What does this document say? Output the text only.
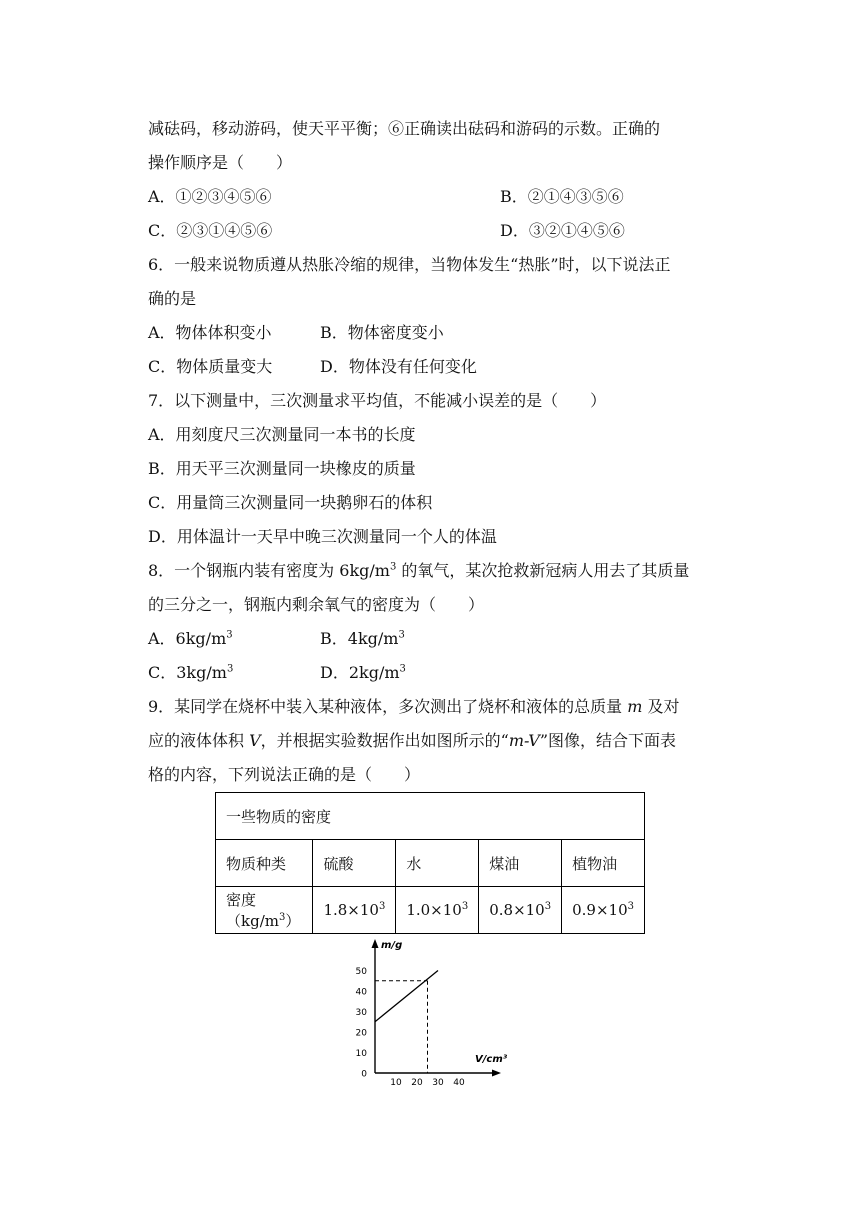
减砝码，移动游码，使天平平衡；⑥正确读出砝码和游码的示数。正确的
操作顺序是（　　）
A．①②③④⑤⑥	B．②①④③⑤⑥
C．②③①④⑤⑥	D．③②①④⑤⑥
6．一般来说物质遵从热胀冷缩的规律，当物体发生“热胀”时，以下说法正
确的是
A．物体体积变小	B．物体密度变小
C．物体质量变大	D．物体没有任何变化
7．以下测量中，三次测量求平均值，不能减小误差的是（　　）
A．用刻度尺三次测量同一本书的长度
B．用天平三次测量同一块橡皮的质量
C．用量筒三次测量同一块鹅卵石的体积
D．用体温计一天早中晚三次测量同一个人的体温
8．一个钢瓶内装有密度为 $6kg/m^3$ 的氧气，某次抢救新冠病人用去了其质量
的三分之一，钢瓶内剩余氧气的密度为（　　）
A．$6kg/m^3$	B．$4kg/m^3$
C．$3kg/m^3$	D．$2kg/m^3$
9．某同学在烧杯中装入某种液体，多次测出了烧杯和液体的总质量 m 及对
应的液体体积 V，并根据实验数据作出如图所示的“m-V”图像，结合下面表
格的内容，下列说法正确的是（　　）
一些物质的密度				
物质种类	硫酸	水	煤油	植物油
密度$(kg/m^3)$	$1.8\times 10^3$	$1.0\times 10^3$	$0.8\times 10^3$	$0.9\times 10^3$
m/g
V/cm³
50
40
30
20
10
0
10 20 30 40
